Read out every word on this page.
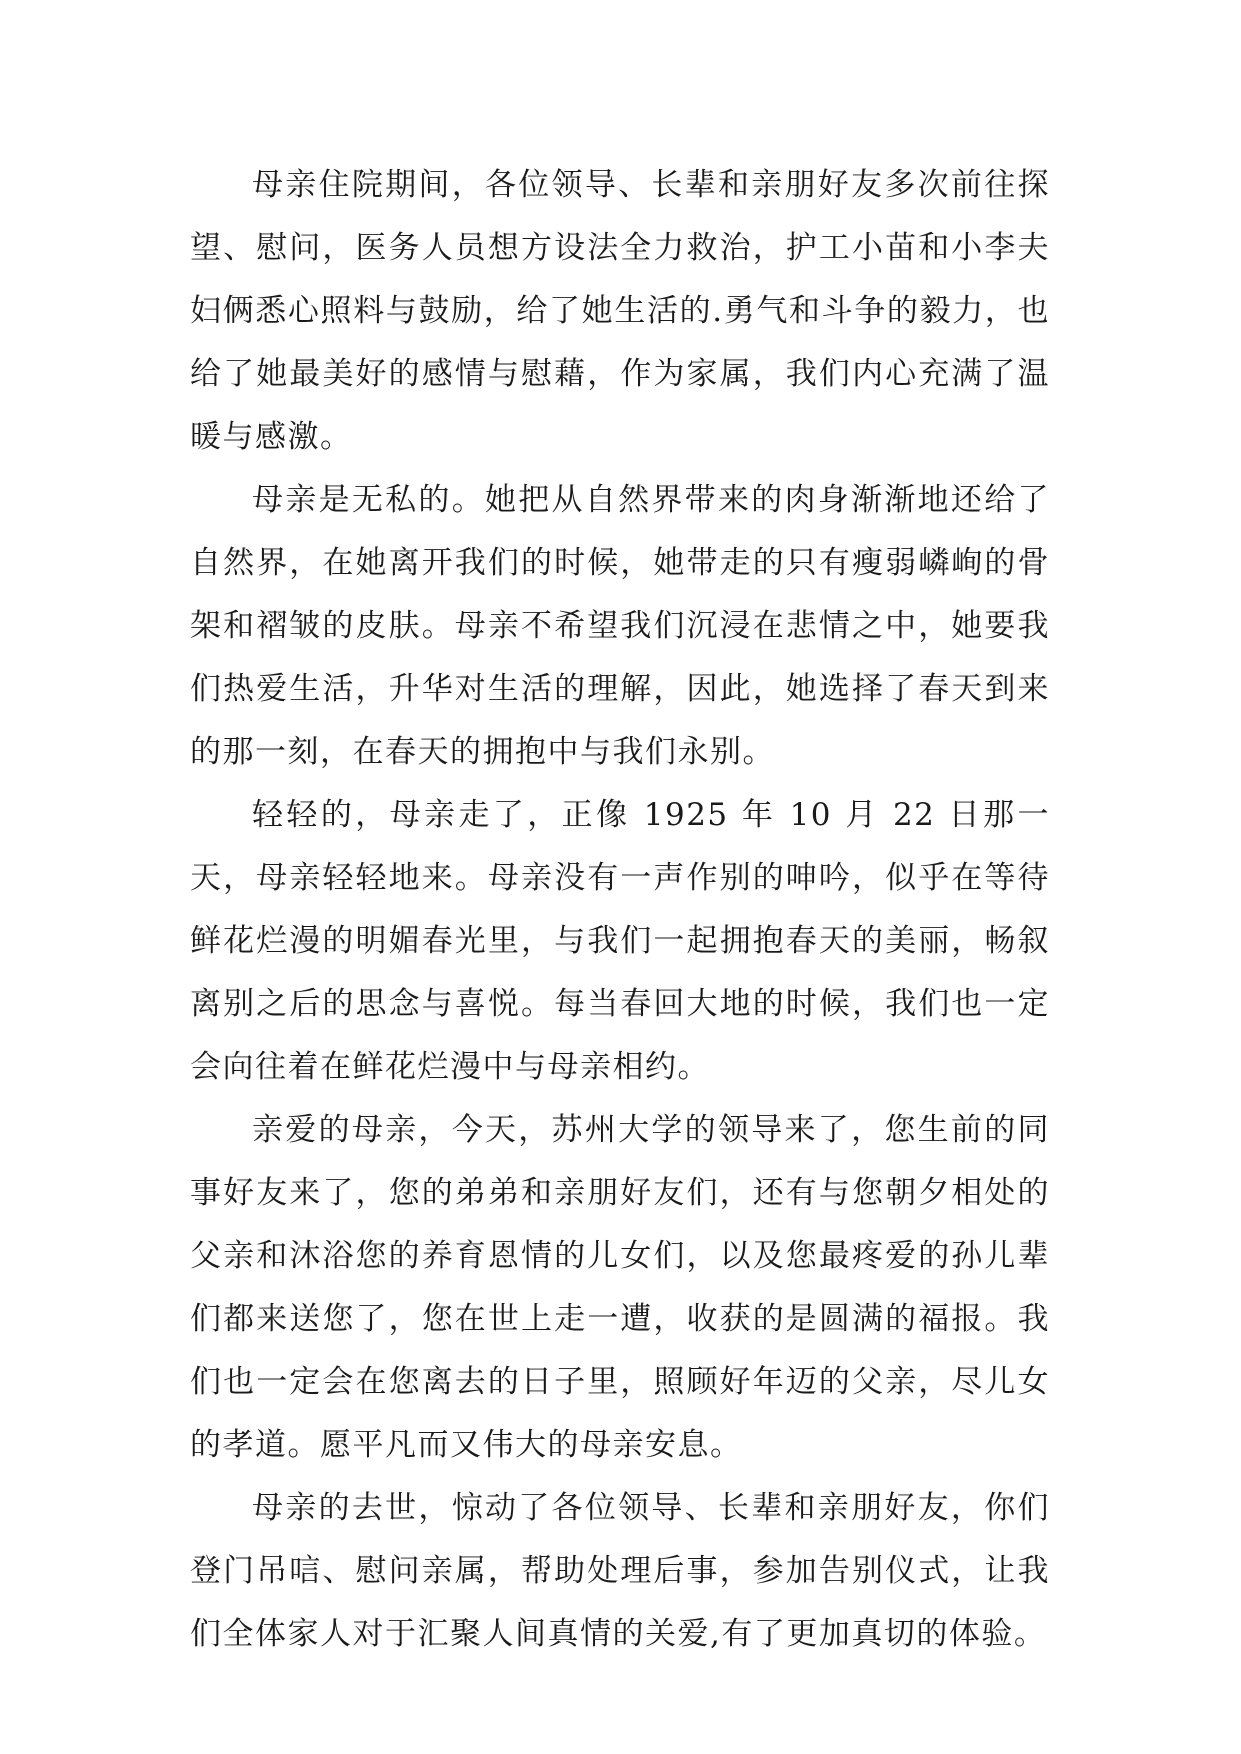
母亲住院期间，各位领导、长辈和亲朋好友多次前往探望、慰问，医务人员想方设法全力救治，护工小苗和小李夫妇俩悉心照料与鼓励，给了她生活的.勇气和斗争的毅力，也给了她最美好的感情与慰藉，作为家属，我们内心充满了温暖与感激。

母亲是无私的。她把从自然界带来的肉身渐渐地还给了自然界，在她离开我们的时候，她带走的只有瘦弱嶙峋的骨架和褶皱的皮肤。母亲不希望我们沉浸在悲情之中，她要我们热爱生活，升华对生活的理解，因此，她选择了春天到来的那一刻，在春天的拥抱中与我们永别。

轻轻的，母亲走了，正像 1925 年 10 月 22 日那一天，母亲轻轻地来。母亲没有一声作别的呻吟，似乎在等待鲜花烂漫的明媚春光里，与我们一起拥抱春天的美丽，畅叙离别之后的思念与喜悦。每当春回大地的时候，我们也一定会向往着在鲜花烂漫中与母亲相约。

亲爱的母亲，今天，苏州大学的领导来了，您生前的同事好友来了，您的弟弟和亲朋好友们，还有与您朝夕相处的父亲和沐浴您的养育恩情的儿女们，以及您最疼爱的孙儿辈们都来送您了，您在世上走一遭，收获的是圆满的福报。我们也一定会在您离去的日子里，照顾好年迈的父亲，尽儿女的孝道。愿平凡而又伟大的母亲安息。

母亲的去世，惊动了各位领导、长辈和亲朋好友，你们登门吊唁、慰问亲属，帮助处理后事，参加告别仪式，让我们全体家人对于汇聚人间真情的关爱,有了更加真切的体验。
